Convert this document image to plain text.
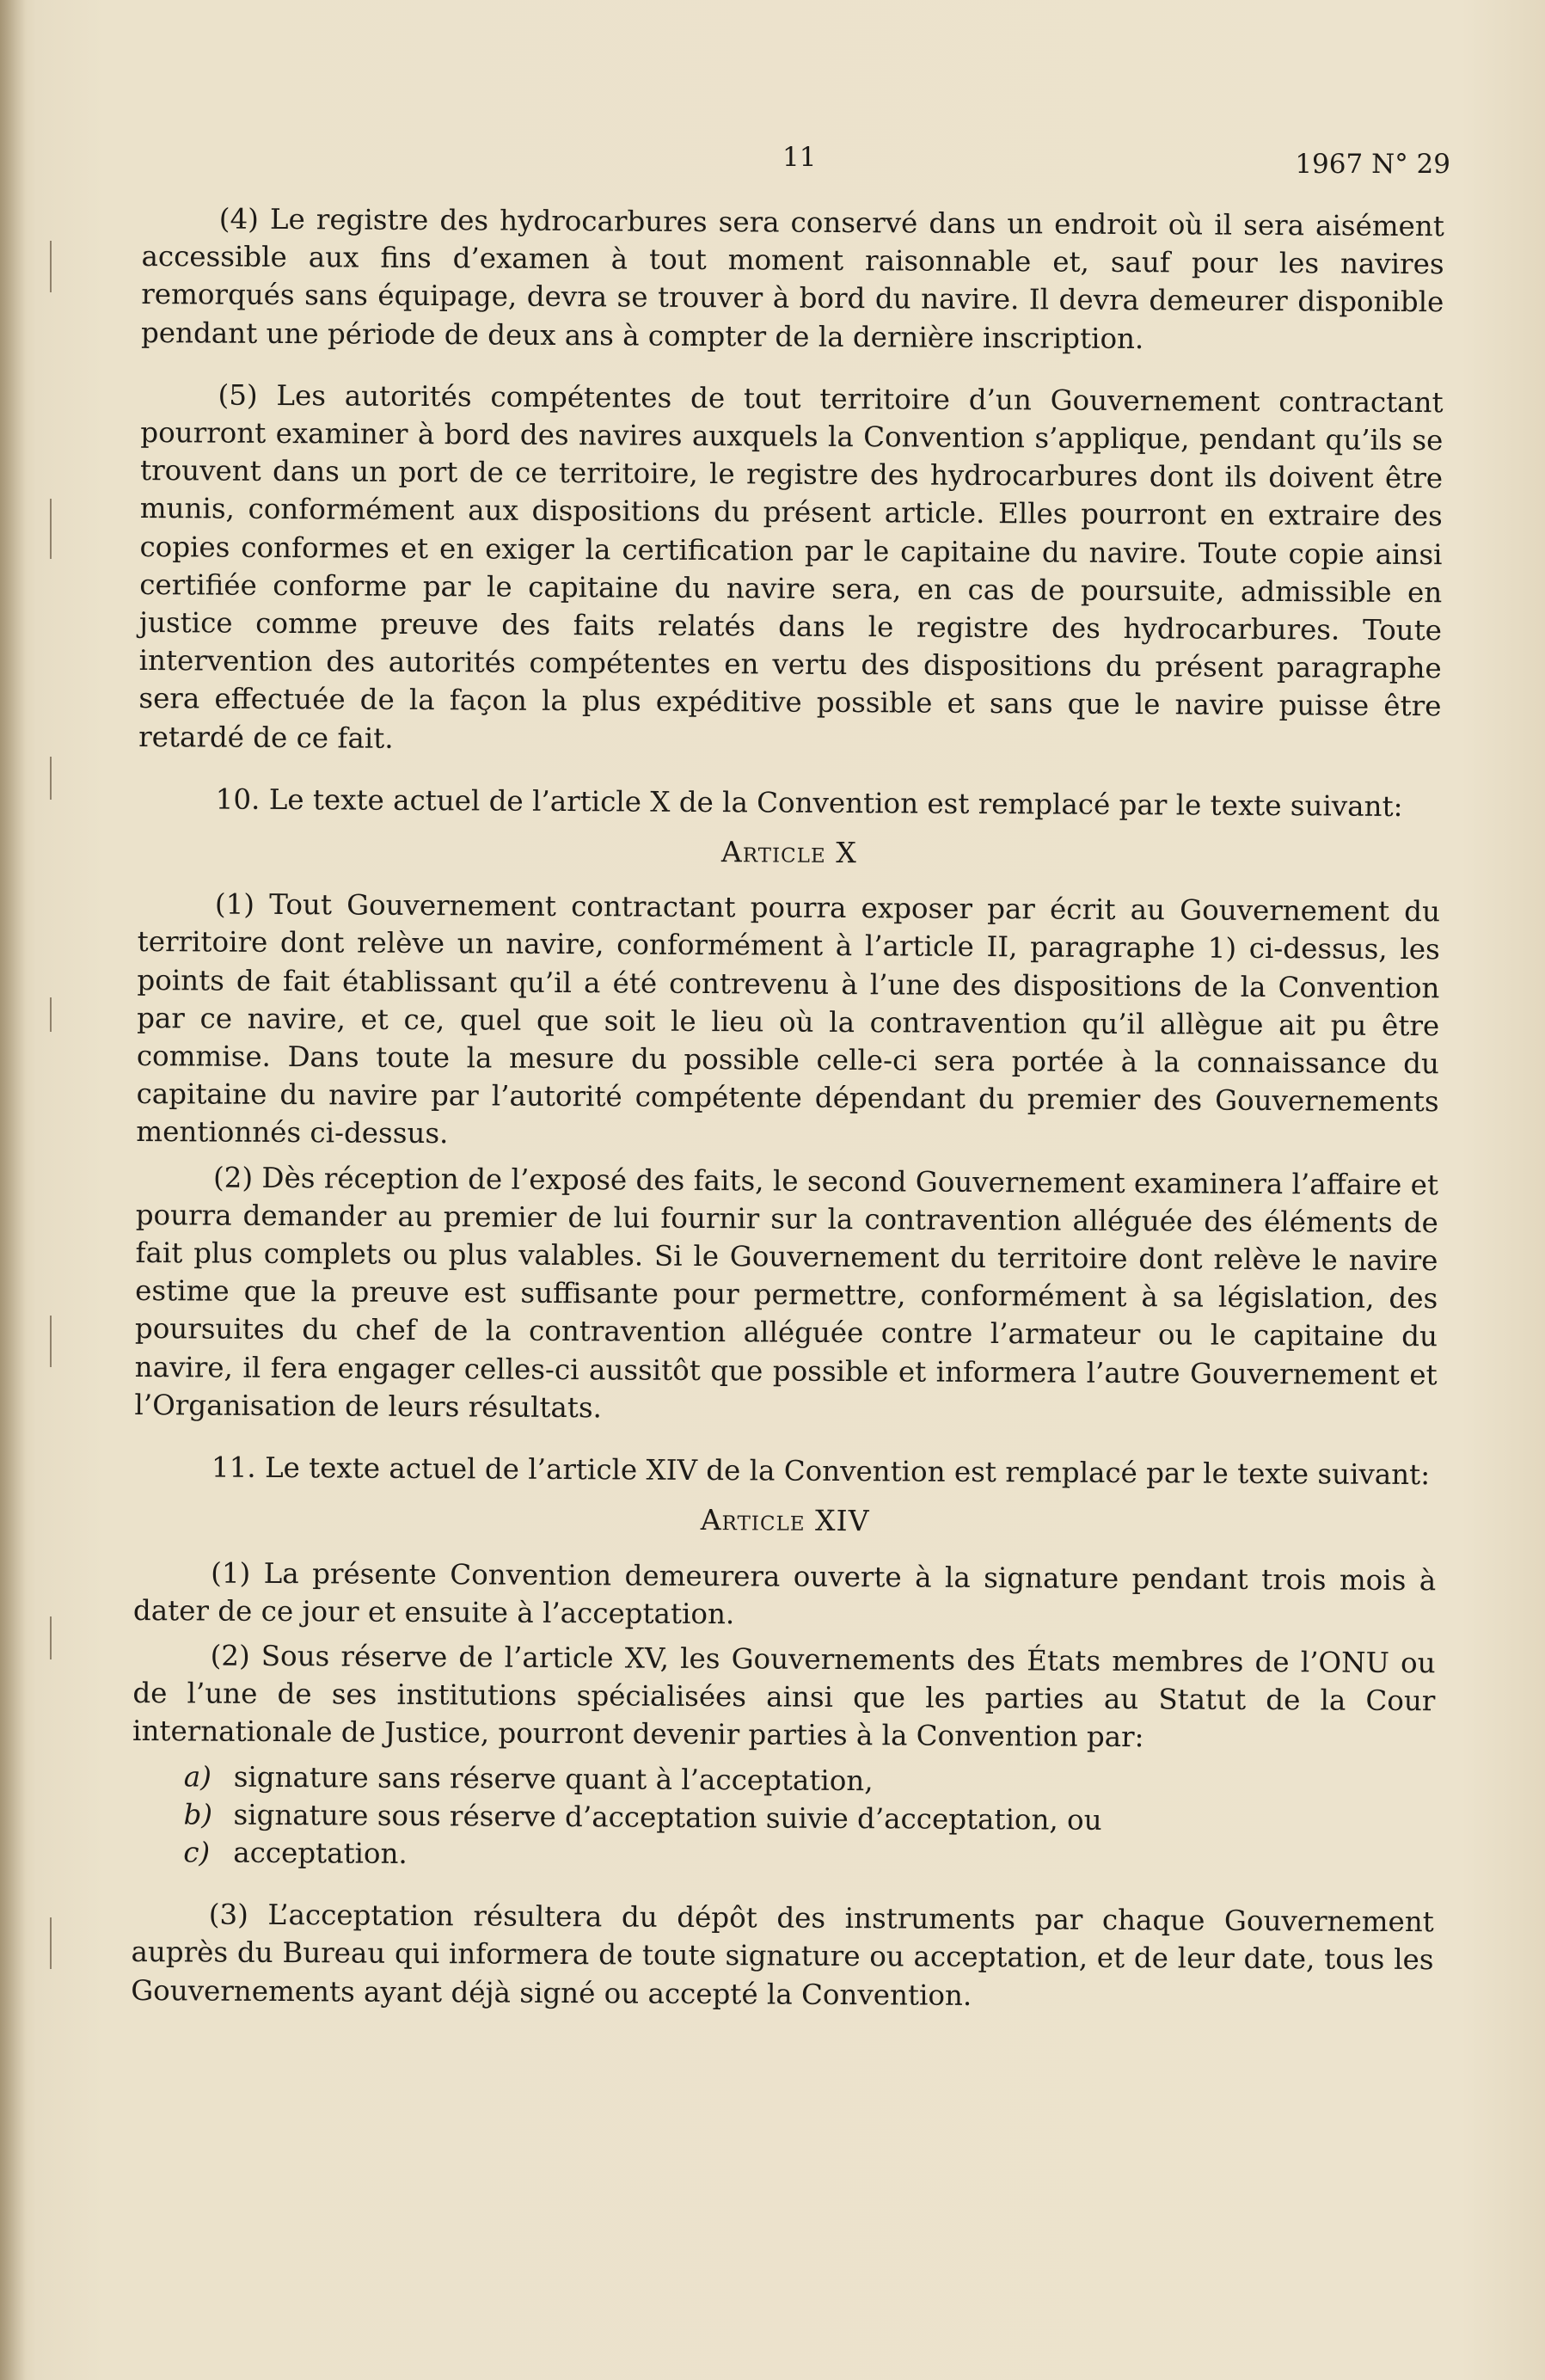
11	1967 N° 29

(4) Le registre des hydrocarbures sera conservé dans un endroit où il sera aisément accessible aux fins d’examen à tout moment raisonnable et, sauf pour les navires remorqués sans équipage, devra se trouver à bord du navire. Il devra demeurer disponible pendant une période de deux ans à compter de la dernière inscription.

(5) Les autorités compétentes de tout territoire d’un Gouvernement contractant pourront examiner à bord des navires auxquels la Convention s’applique, pendant qu’ils se trouvent dans un port de ce territoire, le registre des hydrocarbures dont ils doivent être munis, conformément aux dispositions du présent article. Elles pourront en extraire des copies conformes et en exiger la certification par le capitaine du navire. Toute copie ainsi certifiée conforme par le capitaine du navire sera, en cas de poursuite, admissible en justice comme preuve des faits relatés dans le registre des hydrocarbures. Toute intervention des autorités compétentes en vertu des dispositions du présent paragraphe sera effectuée de la façon la plus expéditive possible et sans que le navire puisse être retardé de ce fait.

10. Le texte actuel de l’article X de la Convention est remplacé par le texte suivant:

Article X

(1) Tout Gouvernement contractant pourra exposer par écrit au Gouvernement du territoire dont relève un navire, conformément à l’article II, paragraphe 1) ci-dessus, les points de fait établissant qu’il a été contrevenu à l’une des dispositions de la Convention par ce navire, et ce, quel que soit le lieu où la contravention qu’il allègue ait pu être commise. Dans toute la mesure du possible celle-ci sera portée à la connaissance du capitaine du navire par l’autorité compétente dépendant du premier des Gouvernements mentionnés ci-dessus.

(2) Dès réception de l’exposé des faits, le second Gouvernement examinera l’affaire et pourra demander au premier de lui fournir sur la contravention alléguée des éléments de fait plus complets ou plus valables. Si le Gouvernement du territoire dont relève le navire estime que la preuve est suffisante pour permettre, conformément à sa législation, des poursuites du chef de la contravention alléguée contre l’armateur ou le capitaine du navire, il fera engager celles-ci aussitôt que possible et informera l’autre Gouvernement et l’Organisation de leurs résultats.

11. Le texte actuel de l’article XIV de la Convention est remplacé par le texte suivant:

Article XIV

(1) La présente Convention demeurera ouverte à la signature pendant trois mois à dater de ce jour et ensuite à l’acceptation.

(2) Sous réserve de l’article XV, les Gouvernements des États membres de l’ONU ou de l’une de ses institutions spécialisées ainsi que les parties au Statut de la Cour internationale de Justice, pourront devenir parties à la Convention par:

a) signature sans réserve quant à l’acceptation,

b) signature sous réserve d’acceptation suivie d’acceptation, ou

c) acceptation.

(3) L’acceptation résultera du dépôt des instruments par chaque Gouvernement auprès du Bureau qui informera de toute signature ou acceptation, et de leur date, tous les Gouvernements ayant déjà signé ou accepté la Convention.
